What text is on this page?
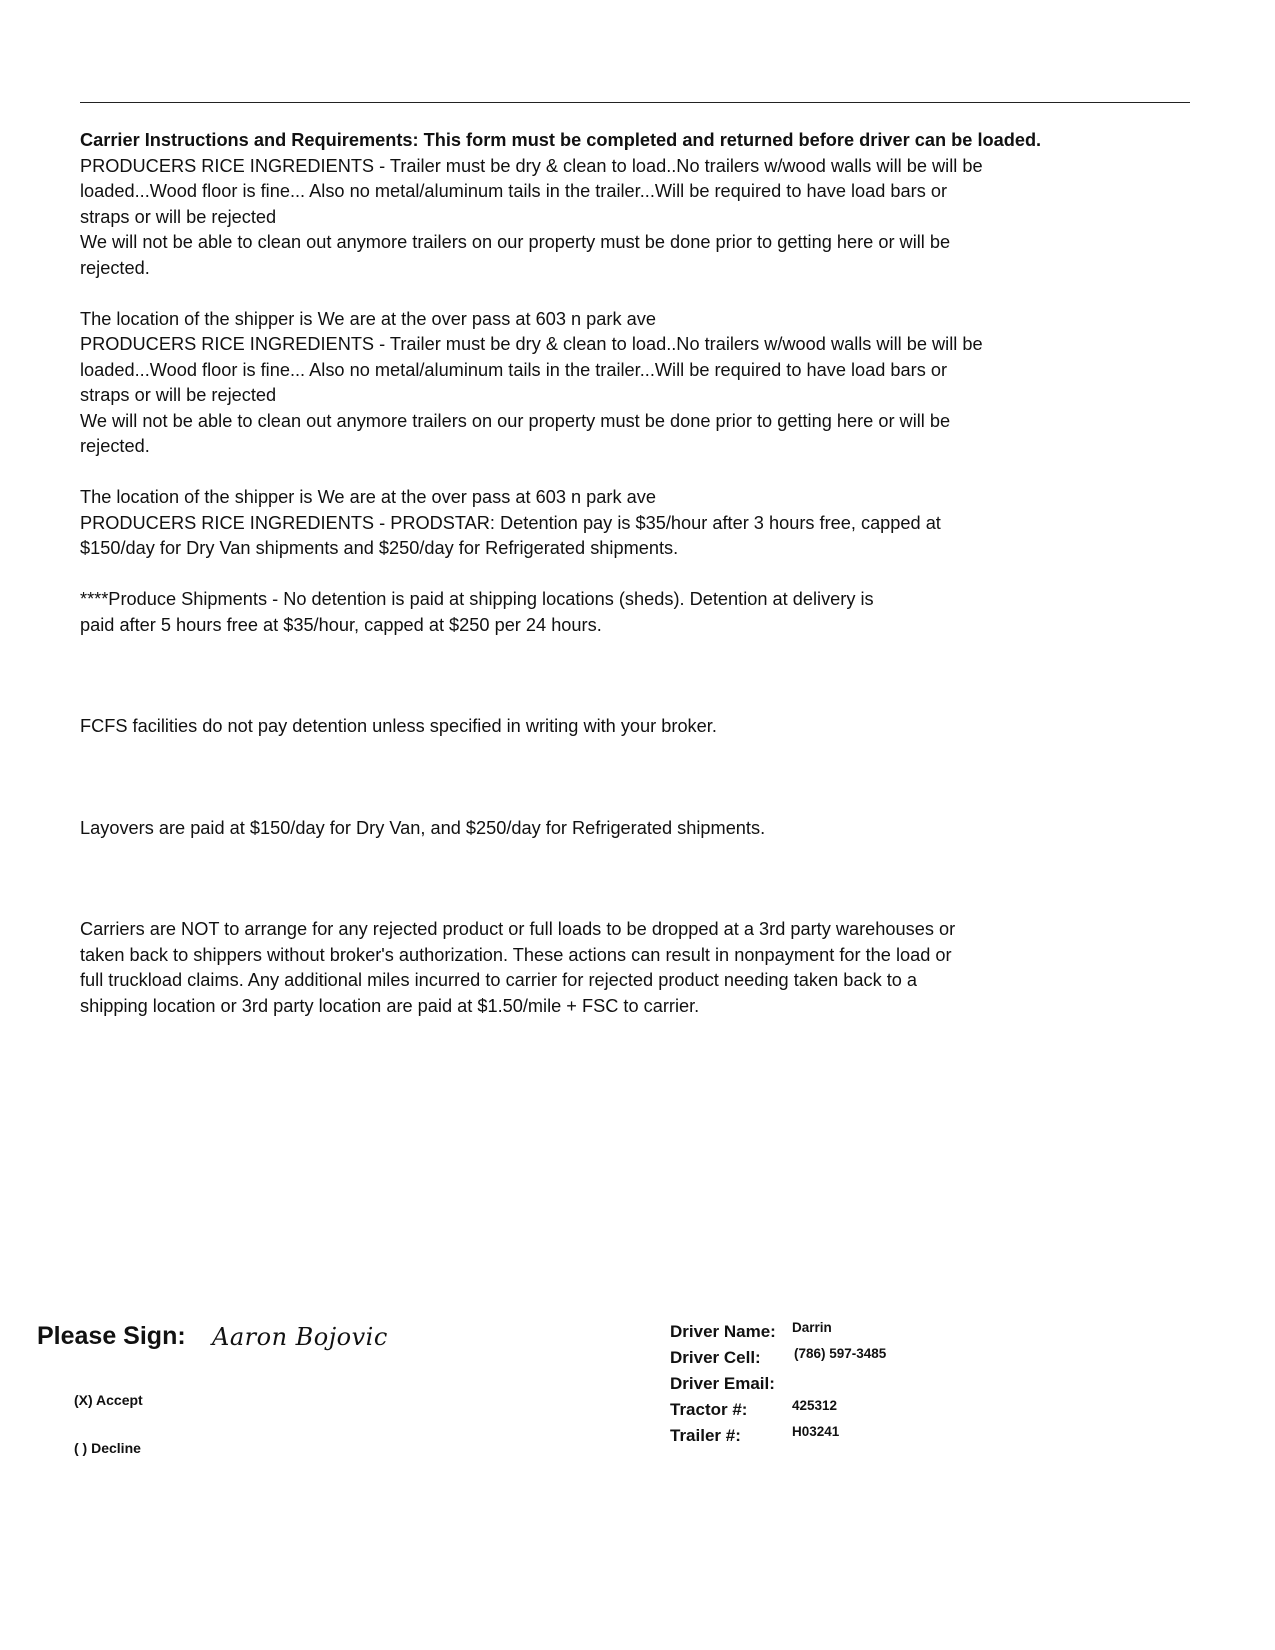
Carrier Instructions and Requirements: This form must be completed and returned before driver can be loaded.

PRODUCERS RICE INGREDIENTS - Trailer must be dry & clean to load..No trailers w/wood walls will be will be

loaded...Wood floor is fine... Also no metal/aluminum tails in the trailer...Will be required to have load bars or

straps or will be rejected

We will not be able to clean out anymore trailers on our property must be done prior to getting here or will be

rejected.

The location of the shipper is We are at the over pass at 603 n park ave

PRODUCERS RICE INGREDIENTS - Trailer must be dry & clean to load..No trailers w/wood walls will be will be

loaded...Wood floor is fine... Also no metal/aluminum tails in the trailer...Will be required to have load bars or

straps or will be rejected

We will not be able to clean out anymore trailers on our property must be done prior to getting here or will be

rejected.

The location of the shipper is We are at the over pass at 603 n park ave

PRODUCERS RICE INGREDIENTS - PRODSTAR: Detention pay is $35/hour after 3 hours free, capped at

$150/day for Dry Van shipments and $250/day for Refrigerated shipments.

****Produce Shipments - No detention is paid at shipping locations (sheds). Detention at delivery is

paid after 5 hours free at $35/hour, capped at $250 per 24 hours.

FCFS facilities do not pay detention unless specified in writing with your broker.

Layovers are paid at $150/day for Dry Van, and $250/day for Refrigerated shipments.

Carriers are NOT to arrange for any rejected product or full loads to be dropped at a 3rd party warehouses or

taken back to shippers without broker's authorization. These actions can result in nonpayment for the load or

full truckload claims. Any additional miles incurred to carrier for rejected product needing taken back to a

shipping location or 3rd party location are paid at $1.50/mile + FSC to carrier.

Please Sign: Aaron Bojovic
(X) Accept
( ) Decline
Driver Name: Darrin
Driver Cell: (786) 597-3485
Driver Email:
Tractor #:	425312
Trailer #:	H03241
